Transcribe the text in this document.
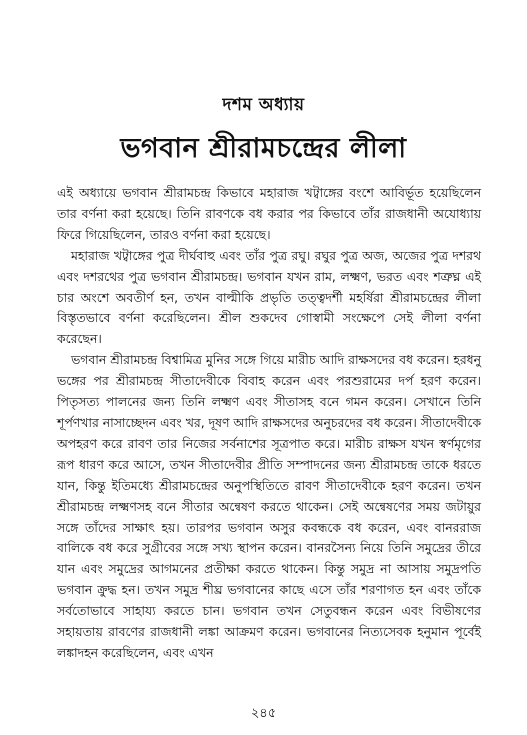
দশম অধ্যায়
ভগবান শ্রীরামচন্দ্রের লীলা

এই অধ্যায়ে ভগবান শ্রীরামচন্দ্র কিভাবে মহারাজ খট্বাঙ্গের বংশে আবির্ভূত হয়েছিলেন তার বর্ণনা করা হয়েছে। তিনি রাবণকে বধ করার পর কিভাবে তাঁর রাজধানী অযোধ্যায় ফিরে গিয়েছিলেন, তারও বর্ণনা করা হয়েছে।

মহারাজ খট্বাঙ্গের পুত্র দীর্ঘবাহু এবং তাঁর পুত্র রঘু। রঘুর পুত্র অজ, অজের পুত্র দশরথ এবং দশরথের পুত্র ভগবান শ্রীরামচন্দ্র। ভগবান যখন রাম, লক্ষ্মণ, ভরত এবং শত্রুঘ্ন এই চার অংশে অবতীর্ণ হন, তখন বাল্মীকি প্রভৃতি তত্ত্বদর্শী মহর্ষিরা শ্রীরামচন্দ্রের লীলা বিস্তৃতভাবে বর্ণনা করেছিলেন। শ্রীল শুকদেব গোস্বামী সংক্ষেপে সেই লীলা বর্ণনা করেছেন।

ভগবান শ্রীরামচন্দ্র বিশ্বামিত্র মুনির সঙ্গে গিয়ে মারীচ আদি রাক্ষসদের বধ করেন। হরধনু ভঙ্গের পর শ্রীরামচন্দ্র সীতাদেবীকে বিবাহ করেন এবং পরশুরামের দর্প হরণ করেন। পিতৃসত্য পালনের জন্য তিনি লক্ষ্মণ এবং সীতাসহ বনে গমন করেন। সেখানে তিনি শূর্পণখার নাসাচ্ছেদন এবং খর, দূষণ আদি রাক্ষসদের অনুচরদের বধ করেন। সীতাদেবীকে অপহরণ করে রাবণ তার নিজের সর্বনাশের সূত্রপাত করে। মারীচ রাক্ষস যখন স্বর্ণমৃগের রূপ ধারণ করে আসে, তখন সীতাদেবীর প্রীতি সম্পাদনের জন্য শ্রীরামচন্দ্র তাকে ধরতে যান, কিন্তু ইতিমধ্যে শ্রীরামচন্দ্রের অনুপস্থিতিতে রাবণ সীতাদেবীকে হরণ করেন। তখন শ্রীরামচন্দ্র লক্ষ্মণসহ বনে সীতার অন্বেষণ করতে থাকেন। সেই অন্বেষণের সময় জটায়ুর সঙ্গে তাঁদের সাক্ষাৎ হয়। তারপর ভগবান অসুর কবন্ধকে বধ করেন, এবং বানররাজ বালিকে বধ করে সুগ্রীবের সঙ্গে সখ্য স্থাপন করেন। বানরসৈন্য নিয়ে তিনি সমুদ্রের তীরে যান এবং সমুদ্রের আগমনের প্রতীক্ষা করতে থাকেন। কিন্তু সমুদ্র না আসায় সমুদ্রপতি ভগবান ক্রুদ্ধ হন। তখন সমুদ্র শীঘ্র ভগবানের কাছে এসে তাঁর শরণাগত হন এবং তাঁকে সর্বতোভাবে সাহায্য করতে চান। ভগবান তখন সেতুবন্ধন করেন এবং বিভীষণের সহায়তায় রাবণের রাজধানী লঙ্কা আক্রমণ করেন। ভগবানের নিত্যসেবক হনুমান পূর্বেই লঙ্কাদহন করেছিলেন, এবং এখন

২৪৫
